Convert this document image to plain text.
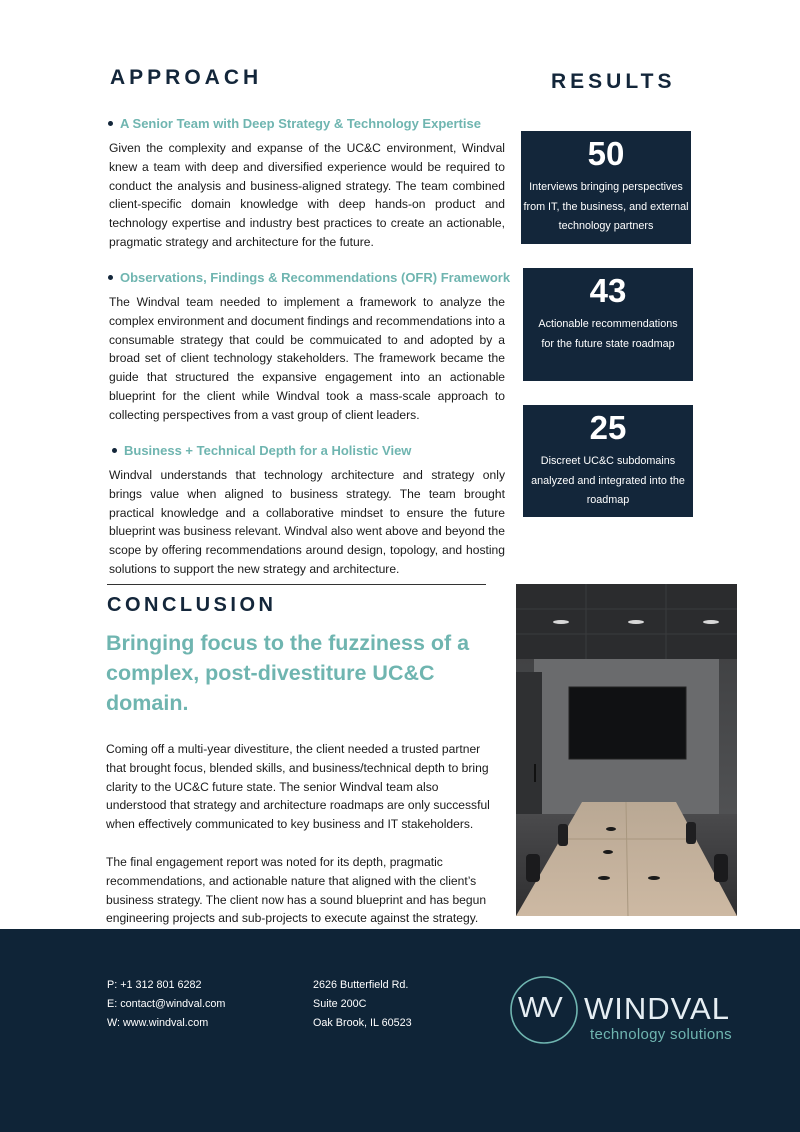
APPROACH
A Senior Team with Deep Strategy & Technology Expertise
Given the complexity and expanse of the UC&C environment, Windval knew a team with deep and diversified experience would be required to conduct the analysis and business-aligned strategy. The team combined client-specific domain knowledge with deep hands-on product and technology expertise and industry best practices to create an actionable, pragmatic strategy and architecture for the future.
Observations, Findings & Recommendations (OFR) Framework
The Windval team needed to implement a framework to analyze the complex environment and document findings and recommendations into a consumable strategy that could be commuicated to and adopted by a broad set of client technology stakeholders. The framework became the guide that structured the expansive engagement into an actionable blueprint for the client while Windval took a mass-scale approach to collecting perspectives from a vast group of client leaders.
Business + Technical Depth for a Holistic View
Windval understands that technology architecture and strategy only brings value when aligned to business strategy. The team brought practical knowledge and a collaborative mindset to ensure the future blueprint was business relevant. Windval also went above and beyond the scope by offering recommendations around design, topology, and hosting solutions to support the new strategy and architecture.
RESULTS
50
Interviews bringing perspectives from IT, the business, and external technology partners
43
Actionable recommendations for the future state roadmap
25
Discreet UC&C subdomains analyzed and integrated into the roadmap
CONCLUSION
Bringing focus to the fuzziness of a complex, post-divestiture UC&C domain.
Coming off a multi-year divestiture, the client needed a trusted partner that brought focus, blended skills, and business/technical depth to bring clarity to the UC&C future state. The senior Windval team also understood that strategy and architecture roadmaps are only successful when effectively communicated to key business and IT stakeholders.
The final engagement report was noted for its depth, pragmatic recommendations, and actionable nature that aligned with the client’s business strategy. The client now has a sound blueprint and has begun engineering projects and sub-projects to execute against the strategy.
P: +1 312 801 6282
E: contact@windval.com
W: www.windval.com
2626 Butterfield Rd.
Suite 200C
Oak Brook, IL 60523	WV WINDVAL
technology solutions
